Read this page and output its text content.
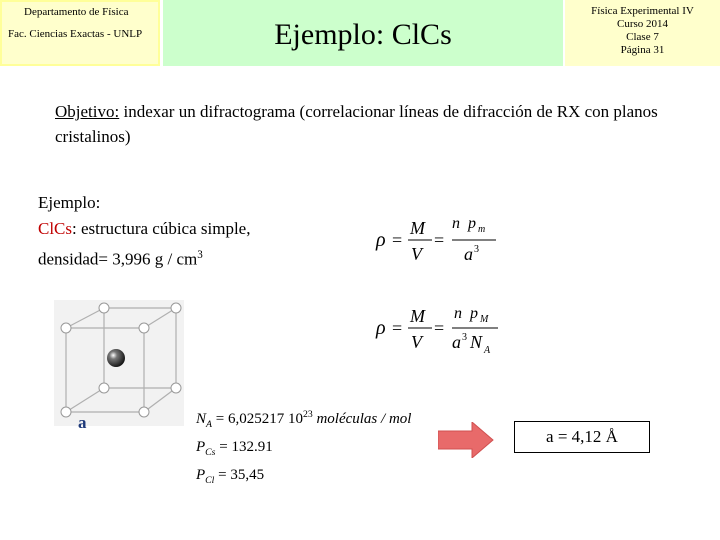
Departamento de Física
Fac. Ciencias Exactas - UNLP	Ejemplo: ClCs
Física Experimental IV
Curso 2014
Clase 7
Página 31
Objetivo: indexar un difractograma (correlacionar líneas de difracción de RX con planos cristalinos)
Ejemplo:
ClCs: estructura cúbica simple,
densidad= 3,996 g / $cm^3$
ρ =
M
V
=
n p m
a 3
ρ =
M
V
=
n p M
a 3 N A
a	$N_A = 6,025217$ $10^{23}$ moléculas / mol
$P_{Cs} = 132.91$
$P_{Cl} = 35,45$
a = 4,12 Å
